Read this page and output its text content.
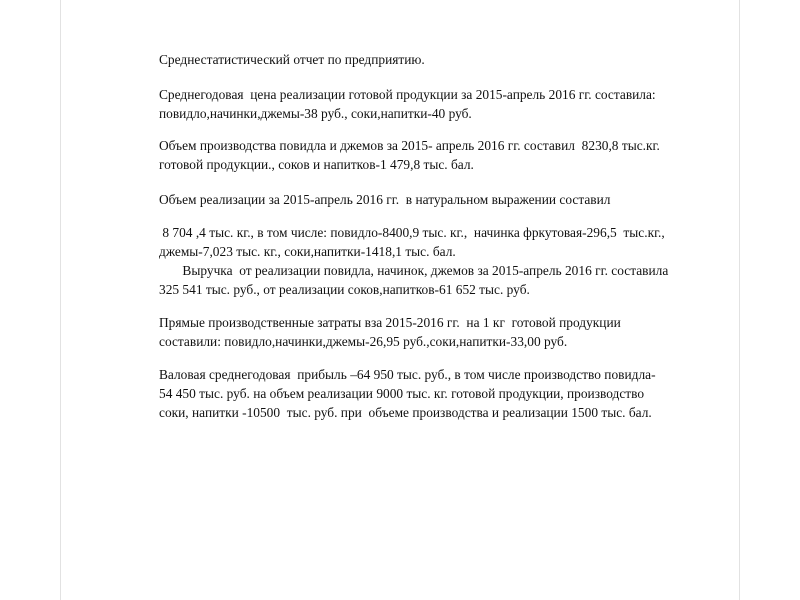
Среднестатистический отчет по предприятию.
Среднегодовая  цена реализации готовой продукции за 2015-апрель 2016 гг. составила:
повидло,начинки,джемы-38 руб., соки,напитки-40 руб.
Объем производства повидла и джемов за 2015- апрель 2016 гг. составил  8230,8 тыс.кг.
готовой продукции., соков и напитков-1 479,8 тыс. бал.
Объем реализации за 2015-апрель 2016 гг.  в натуральном выражении составил
8 704 ,4 тыс. кг., в том числе: повидло-8400,9 тыс. кг.,  начинка фркутовая-296,5  тыс.кг.,
джемы-7,023 тыс. кг., соки,напитки-1418,1 тыс. бал.
Выручка  от реализации повидла, начинок, джемов за 2015-апрель 2016 гг. составила
325 541 тыс. руб., от реализации соков,напитков-61 652 тыс. руб.
Прямые производственные затраты вза 2015-2016 гг.  на 1 кг  готовой продукции
составили: повидло,начинки,джемы-26,95 руб.,соки,напитки-33,00 руб.
Валовая среднегодовая  прибыль –64 950 тыс. руб., в том числе производство повидла-
54 450 тыс. руб. на объем реализации 9000 тыс. кг. готовой продукции, производство
соки, напитки -10500  тыс. руб. при  объеме производства и реализации 1500 тыс. бал.
